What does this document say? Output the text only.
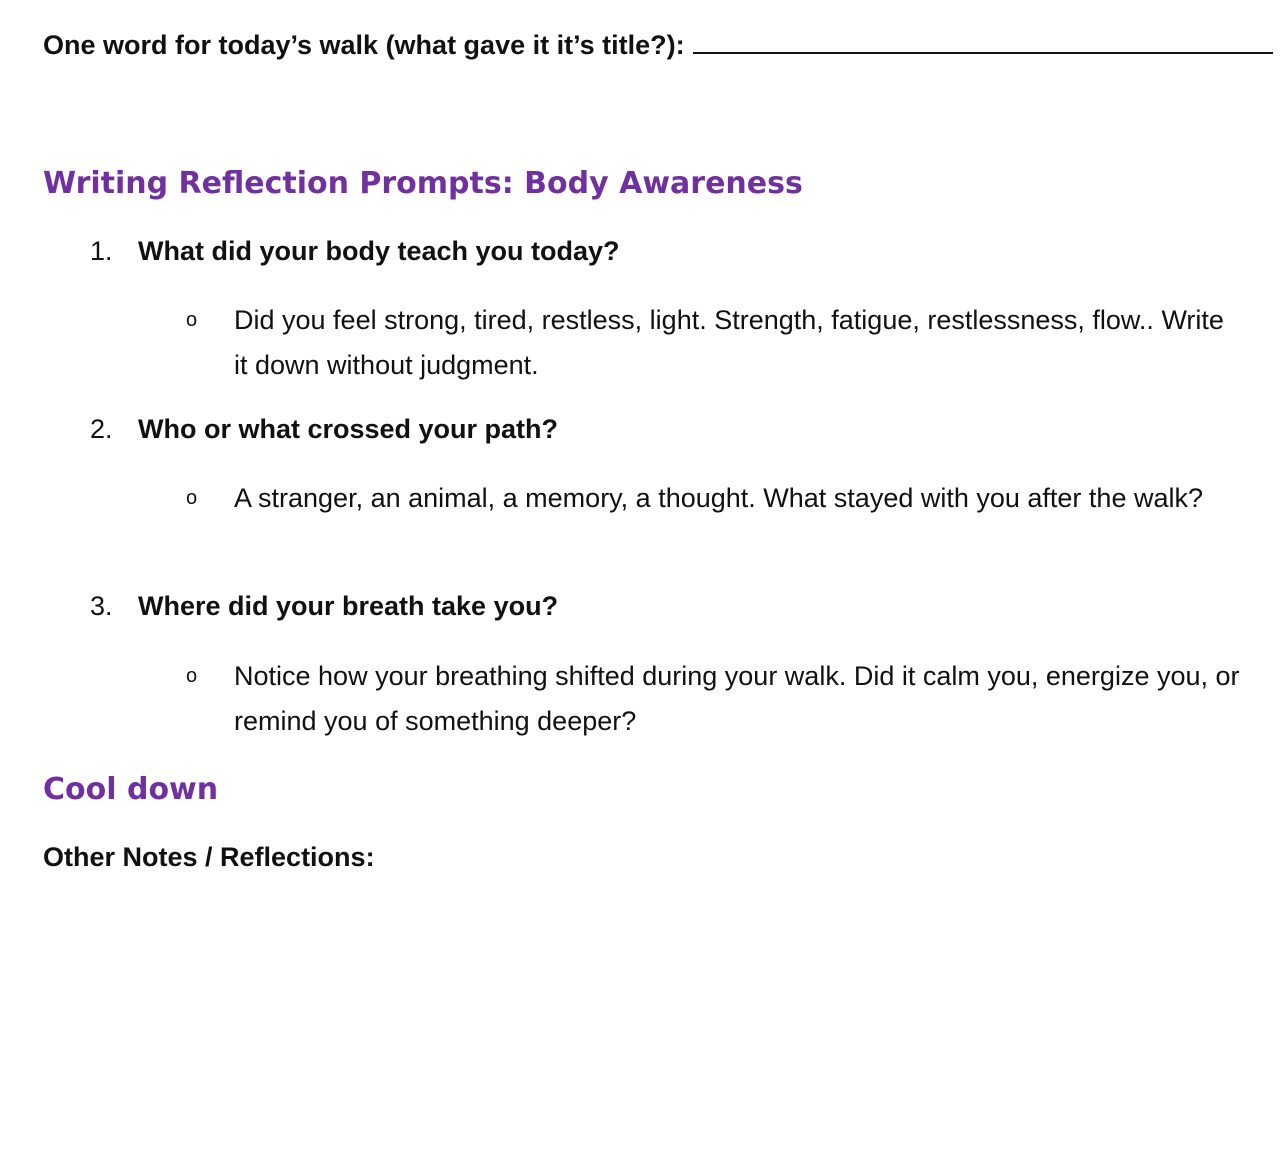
One word for today’s walk (what gave it it’s title?):
Writing Reflection Prompts: Body Awareness
1. What did your body teach you today?
o	Did you feel strong, tired, restless, light. Strength, fatigue, restlessness, flow.. Write it down without judgment.
2. Who or what crossed your path?
o	A stranger, an animal, a memory, a thought. What stayed with you after the walk?
3. Where did your breath take you?
o	Notice how your breathing shifted during your walk. Did it calm you, energize you, or remind you of something deeper?
Cool down
Other Notes / Reflections:
